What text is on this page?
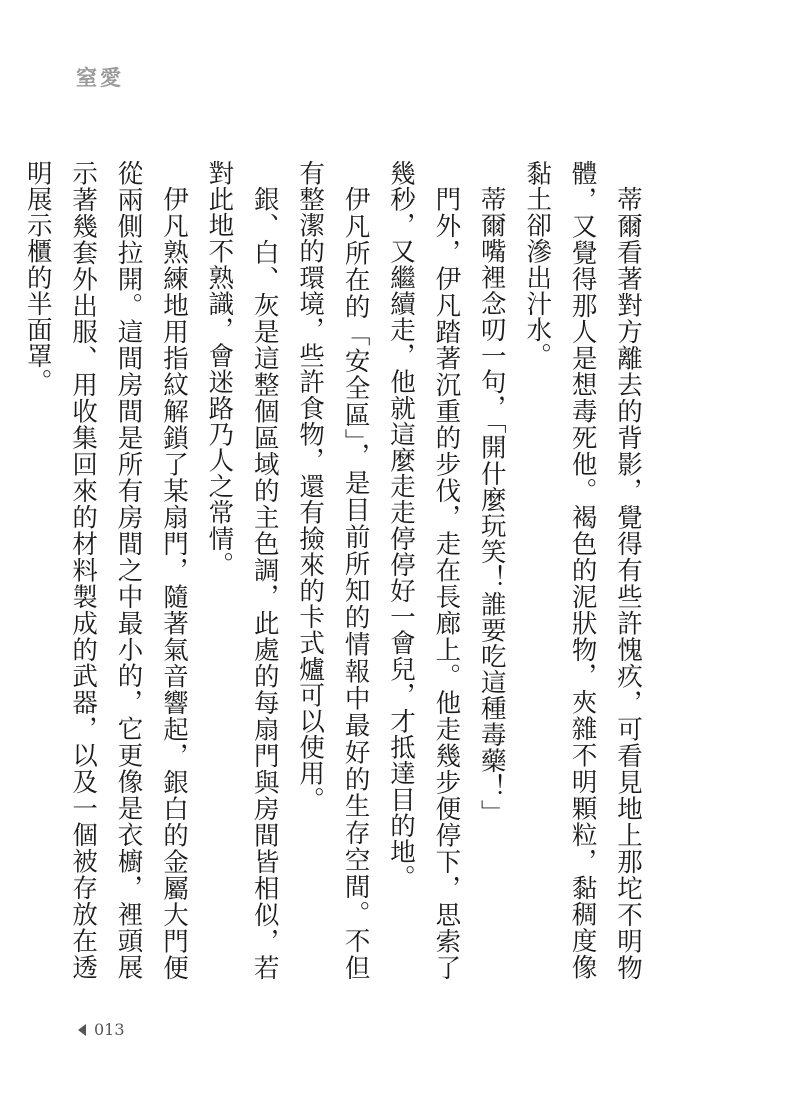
窒愛

蒂爾看著對方離去的背影，覺得有些許愧疚，可看見地上那坨不明物體，又覺得那人是想毒死他。褐色的泥狀物，夾雜不明顆粒，黏稠度像黏土卻滲出汁水。

蒂爾嘴裡念叨一句，「開什麼玩笑！誰要吃這種毒藥！」

門外，伊凡踏著沉重的步伐，走在長廊上。他走幾步便停下，思索了幾秒，又繼續走，他就這麼走走停停好一會兒，才抵達目的地。

伊凡所在的「安全區」，是目前所知的情報中最好的生存空間。不但有整潔的環境，些許食物，還有撿來的卡式爐可以使用。

銀、白、灰是這整個區域的主色調，此處的每扇門與房間皆相似，若對此地不熟識，會迷路乃人之常情。

伊凡熟練地用指紋解鎖了某扇門，隨著氣音響起，銀白的金屬大門便從兩側拉開。這間房間是所有房間之中最小的，它更像是衣櫥，裡頭展示著幾套外出服、用收集回來的材料製成的武器，以及一個被存放在透明展示櫃的半面罩。

013
